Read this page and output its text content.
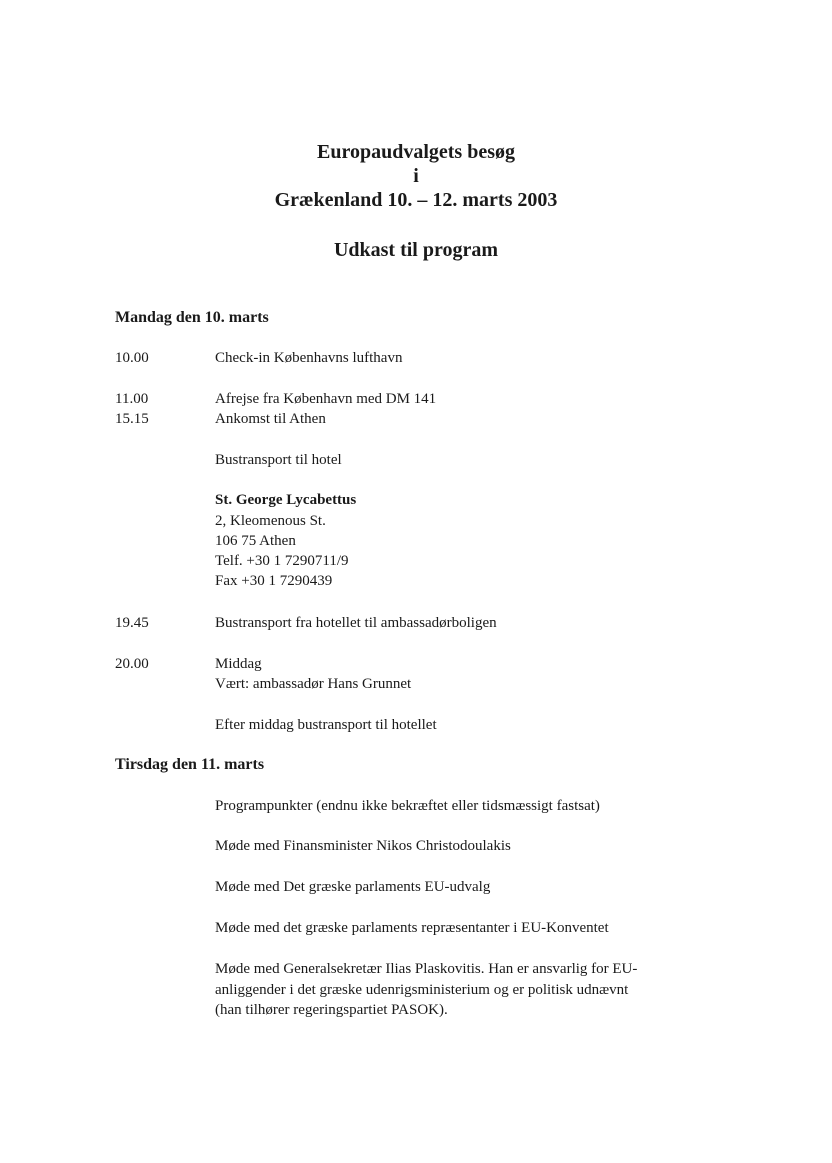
Europaudvalgets besøg
i
Grækenland 10. – 12. marts 2003
Udkast til program
Mandag den 10. marts
10.00	Check-in Københavns lufthavn
11.00	Afrejse fra København med DM 141
15.15	Ankomst til Athen
Bustransport til hotel
St. George Lycabettus
2, Kleomenous St.
106 75 Athen
Telf. +30 1 7290711/9
Fax +30 1 7290439
19.45	Bustransport fra hotellet til ambassadørboligen
20.00	Middag
Vært: ambassadør Hans Grunnet
Efter middag bustransport til hotellet
Tirsdag den 11. marts
Programpunkter (endnu ikke bekræftet eller tidsmæssigt fastsat)
Møde med Finansminister Nikos Christodoulakis
Møde med Det græske parlaments EU-udvalg
Møde med det græske parlaments repræsentanter i EU-Konventet
Møde med Generalsekretær Ilias Plaskovitis. Han er ansvarlig for EU-
anliggender i det græske udenrigsministerium og er politisk udnævnt
(han tilhører regeringspartiet PASOK).
